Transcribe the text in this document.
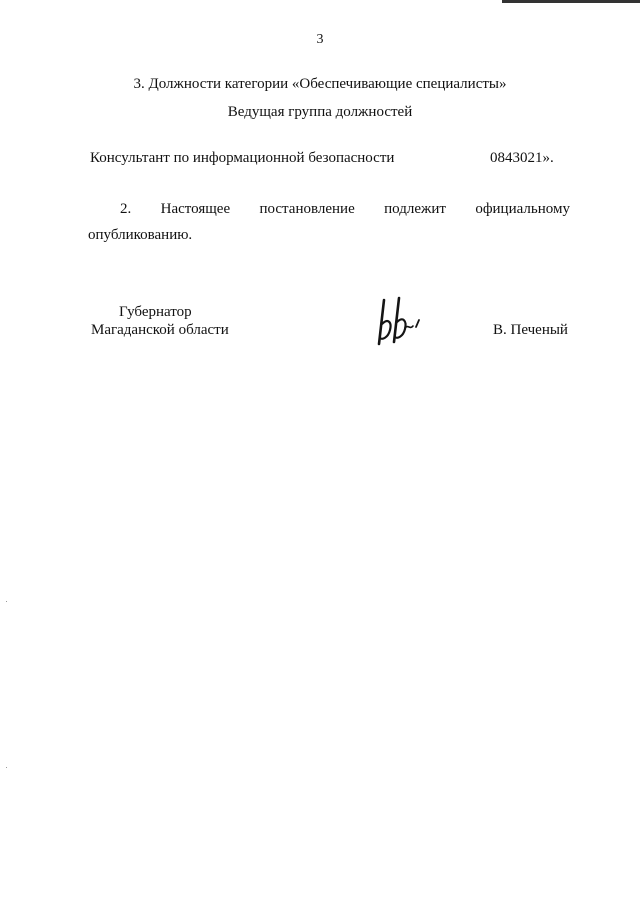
3
3. Должности категории «Обеспечивающие специалисты»
Ведущая группа должностей
Консультант по информационной безопасности	0843021».
2. Настоящее постановление подлежит официальному
опубликованию.
Губернатор
Магаданской области	В. Печеный
